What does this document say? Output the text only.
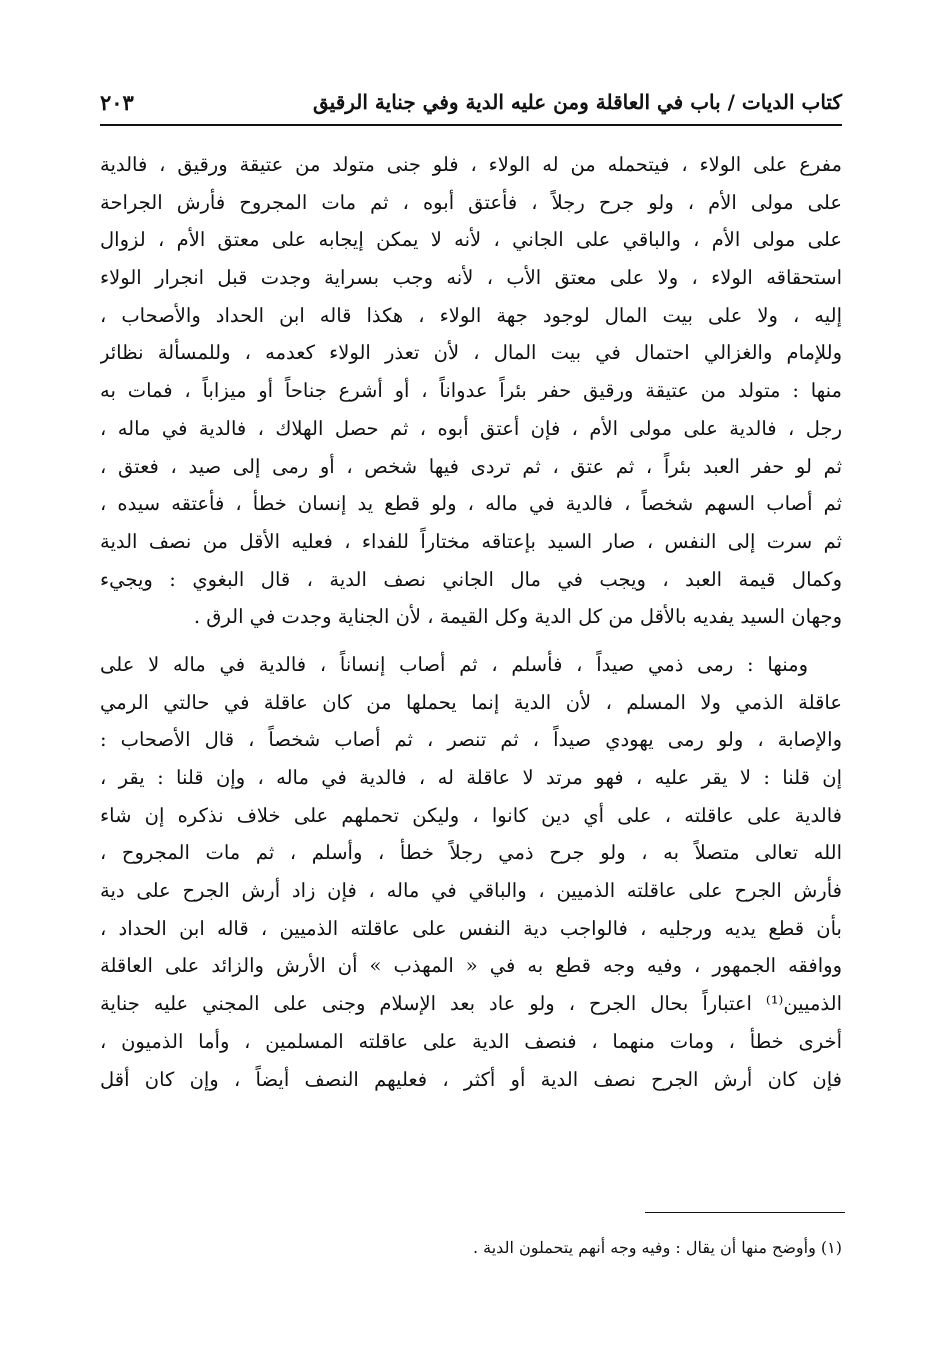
كتاب الديات / باب في العاقلة ومن عليه الدية وفي جناية الرقيق
٢٠٣

مفرع على الولاء ، فيتحمله من له الولاء ، فلو جنى متولد من عتيقة ورقيق ، فالدية
على مولى الأم ، ولو جرح رجلاً ، فأعتق أبوه ، ثم مات المجروح فأرش الجراحة
على مولى الأم ، والباقي على الجاني ، لأنه لا يمكن إيجابه على معتق الأم ، لزوال
استحقاقه الولاء ، ولا على معتق الأب ، لأنه وجب بسراية وجدت قبل انجرار الولاء
إليه ، ولا على بيت المال لوجود جهة الولاء ، هكذا قاله ابن الحداد والأصحاب ،
وللإمام والغزالي احتمال في بيت المال ، لأن تعذر الولاء كعدمه ، وللمسألة نظائر
منها : متولد من عتيقة ورقيق حفر بئراً عدواناً ، أو أشرع جناحاً أو ميزاباً ، فمات به
رجل ، فالدية على مولى الأم ، فإن أعتق أبوه ، ثم حصل الهلاك ، فالدية في ماله ،
ثم لو حفر العبد بئراً ، ثم عتق ، ثم تردى فيها شخص ، أو رمى إلى صيد ، فعتق ،
ثم أصاب السهم شخصاً ، فالدية في ماله ، ولو قطع يد إنسان خطأ ، فأعتقه سيده ،
ثم سرت إلى النفس ، صار السيد بإعتاقه مختاراً للفداء ، فعليه الأقل من نصف الدية
وكمال قيمة العبد ، ويجب في مال الجاني نصف الدية ، قال البغوي : ويجيء
وجهان السيد يفديه بالأقل من كل الدية وكل القيمة ، لأن الجناية وجدت في الرق .

ومنها : رمى ذمي صيداً ، فأسلم ، ثم أصاب إنساناً ، فالدية في ماله لا على
عاقلة الذمي ولا المسلم ، لأن الدية إنما يحملها من كان عاقلة في حالتي الرمي
والإصابة ، ولو رمى يهودي صيداً ، ثم تنصر ، ثم أصاب شخصاً ، قال الأصحاب :
إن قلنا : لا يقر عليه ، فهو مرتد لا عاقلة له ، فالدية في ماله ، وإن قلنا : يقر ،
فالدية على عاقلته ، على أي دين كانوا ، وليكن تحملهم على خلاف نذكره إن شاء
الله تعالى متصلاً به ، ولو جرح ذمي رجلاً خطأ ، وأسلم ، ثم مات المجروح ،
فأرش الجرح على عاقلته الذميين ، والباقي في ماله ، فإن زاد أرش الجرح على دية
بأن قطع يديه ورجليه ، فالواجب دية النفس على عاقلته الذميين ، قاله ابن الحداد ،
ووافقه الجمهور ، وفيه وجه قطع به في « المهذب » أن الأرش والزائد على العاقلة
الذميين⁽¹⁾ اعتباراً بحال الجرح ، ولو عاد بعد الإسلام وجنى على المجني عليه جناية
أخرى خطأ ، ومات منهما ، فنصف الدية على عاقلته المسلمين ، وأما الذميون ،
فإن كان أرش الجرح نصف الدية أو أكثر ، فعليهم النصف أيضاً ، وإن كان أقل

(١) وأوضح منها أن يقال : وفيه وجه أنهم يتحملون الدية .
